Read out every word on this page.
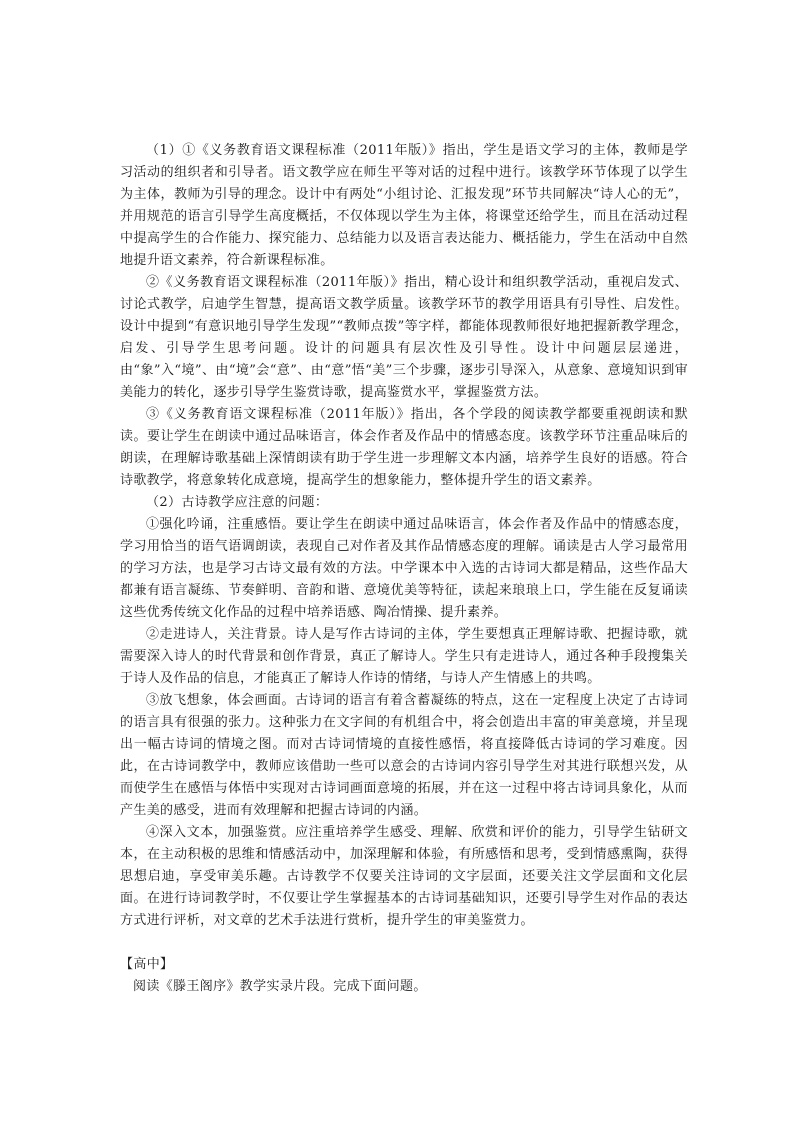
（1）①《义务教育语文课程标准（2011年版）》指出，学生是语文学习的主体，教师是学习活动的组织者和引导者。语文教学应在师生平等对话的过程中进行。该教学环节体现了以学生为主体，教师为引导的理念。设计中有两处“小组讨论、汇报发现”环节共同解决“诗人心的无”，并用规范的语言引导学生高度概括，不仅体现以学生为主体，将课堂还给学生，而且在活动过程中提高学生的合作能力、探究能力、总结能力以及语言表达能力、概括能力，学生在活动中自然地提升语文素养，符合新课程标准。

②《义务教育语文课程标准（2011年版）》指出，精心设计和组织教学活动，重视启发式、讨论式教学，启迪学生智慧，提高语文教学质量。该教学环节的教学用语具有引导性、启发性。设计中提到“有意识地引导学生发现”“教师点拨”等字样，都能体现教师很好地把握新教学理念，启发、引导学生思考问题。设计的问题具有层次性及引导性。设计中问题层层递进，由“象”入“境”、由“境”会“意”、由“意”悟“美”三个步骤，逐步引导深入，从意象、意境知识到审美能力的转化，逐步引导学生鉴赏诗歌，提高鉴赏水平，掌握鉴赏方法。

③《义务教育语文课程标准（2011年版）》指出，各个学段的阅读教学都要重视朗读和默读。要让学生在朗读中通过品味语言，体会作者及作品中的情感态度。该教学环节注重品味后的朗读，在理解诗歌基础上深情朗读有助于学生进一步理解文本内涵，培养学生良好的语感。符合诗歌教学，将意象转化成意境，提高学生的想象能力，整体提升学生的语文素养。

（2）古诗教学应注意的问题：

①强化吟诵，注重感悟。要让学生在朗读中通过品味语言，体会作者及作品中的情感态度，学习用恰当的语气语调朗读，表现自己对作者及其作品情感态度的理解。诵读是古人学习最常用的学习方法，也是学习古诗文最有效的方法。中学课本中入选的古诗词大都是精品，这些作品大都兼有语言凝练、节奏鲜明、音韵和谐、意境优美等特征，读起来琅琅上口，学生能在反复诵读这些优秀传统文化作品的过程中培养语感、陶冶情操、提升素养。

②走进诗人，关注背景。诗人是写作古诗词的主体，学生要想真正理解诗歌、把握诗歌，就需要深入诗人的时代背景和创作背景，真正了解诗人。学生只有走进诗人，通过各种手段搜集关于诗人及作品的信息，才能真正了解诗人作诗的情绪，与诗人产生情感上的共鸣。

③放飞想象，体会画面。古诗词的语言有着含蓄凝练的特点，这在一定程度上决定了古诗词的语言具有很强的张力。这种张力在文字间的有机组合中，将会创造出丰富的审美意境，并呈现出一幅古诗词的情境之图。而对古诗词情境的直接性感悟，将直接降低古诗词的学习难度。因此，在古诗词教学中，教师应该借助一些可以意会的古诗词内容引导学生对其进行联想兴发，从而使学生在感悟与体悟中实现对古诗词画面意境的拓展，并在这一过程中将古诗词具象化，从而产生美的感受，进而有效理解和把握古诗词的内涵。

④深入文本，加强鉴赏。应注重培养学生感受、理解、欣赏和评价的能力，引导学生钻研文本，在主动积极的思维和情感活动中，加深理解和体验，有所感悟和思考，受到情感熏陶，获得思想启迪，享受审美乐趣。古诗教学不仅要关注诗词的文字层面，还要关注文学层面和文化层面。在进行诗词教学时，不仅要让学生掌握基本的古诗词基础知识，还要引导学生对作品的表达方式进行评析，对文章的艺术手法进行赏析，提升学生的审美鉴赏力。

【高中】

阅读《滕王阁序》教学实录片段。完成下面问题。
